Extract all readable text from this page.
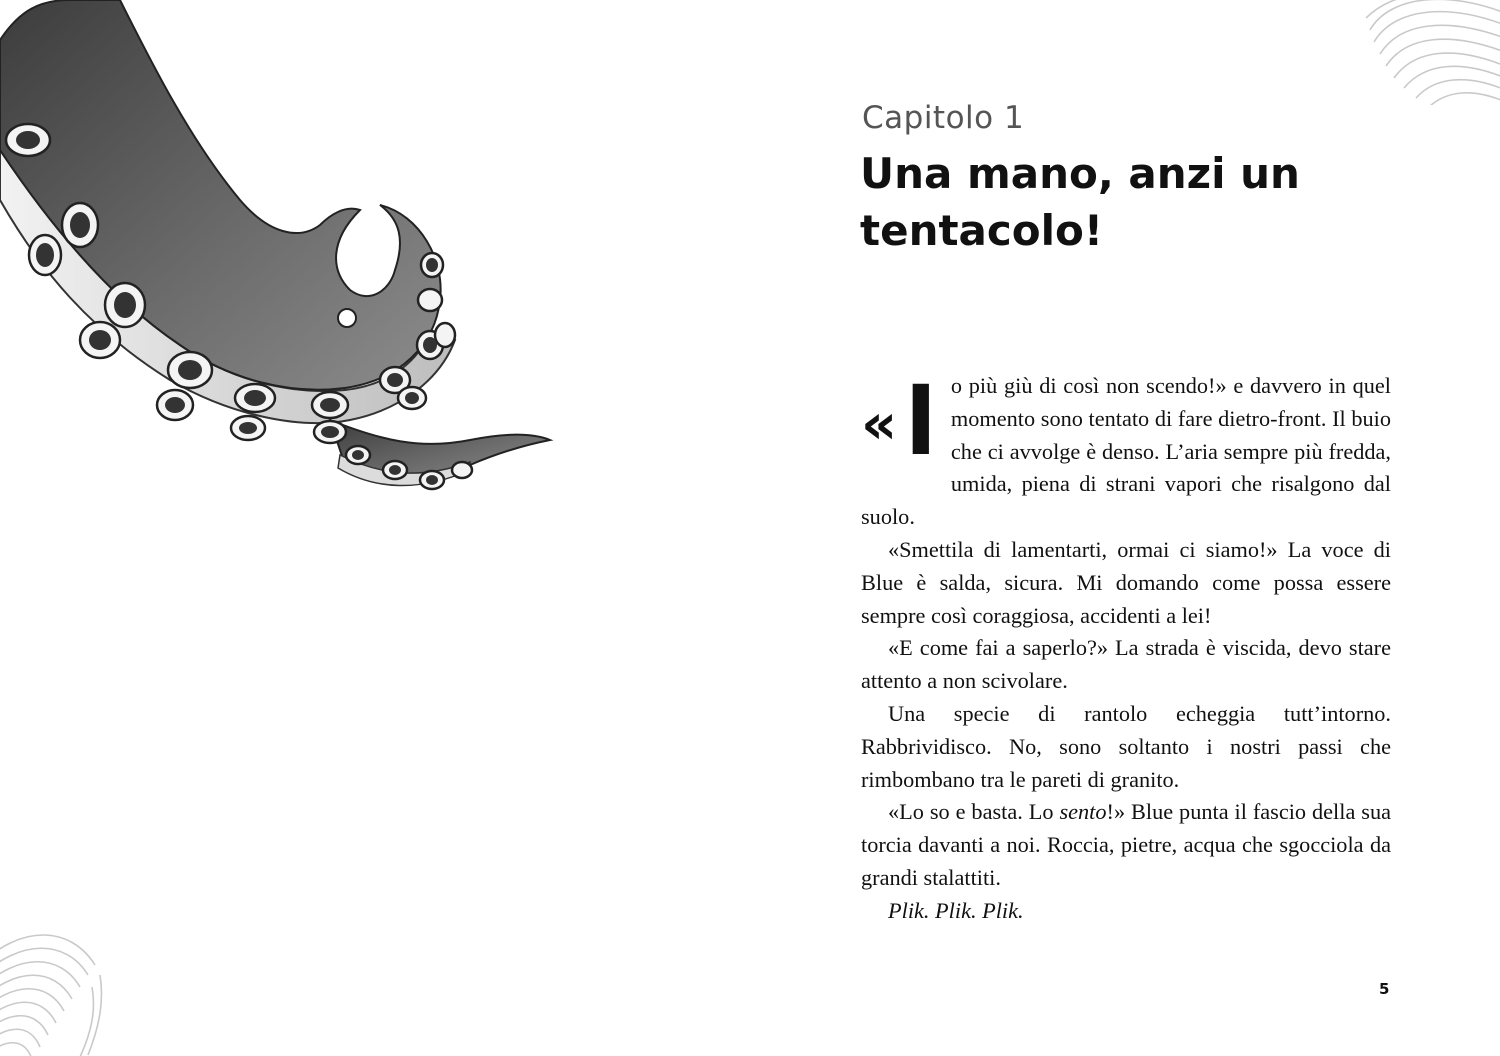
Capitolo 1
Una mano, anzi un tentacolo!

« I o più giù di così non scendo!» e davvero in quel momento sono tentato di fare dietro-front. Il buio che ci avvolge è denso. L’aria sempre più fredda, umida, piena di strani vapori che risalgono dal suolo.

«Smettila di lamentarti, ormai ci siamo!» La voce di Blue è salda, sicura. Mi domando come possa essere sempre così coraggiosa, accidenti a lei!

«E come fai a saperlo?» La strada è viscida, devo stare attento a non scivolare.

Una specie di rantolo echeggia tutt’intorno. Rabbrividisco. No, sono soltanto i nostri passi che rimbombano tra le pareti di granito.

«Lo so e basta. Lo sento!» Blue punta il fascio della sua torcia davanti a noi. Roccia, pietre, acqua che sgocciola da grandi stalattiti.

Plik. Plik. Plik.

5
